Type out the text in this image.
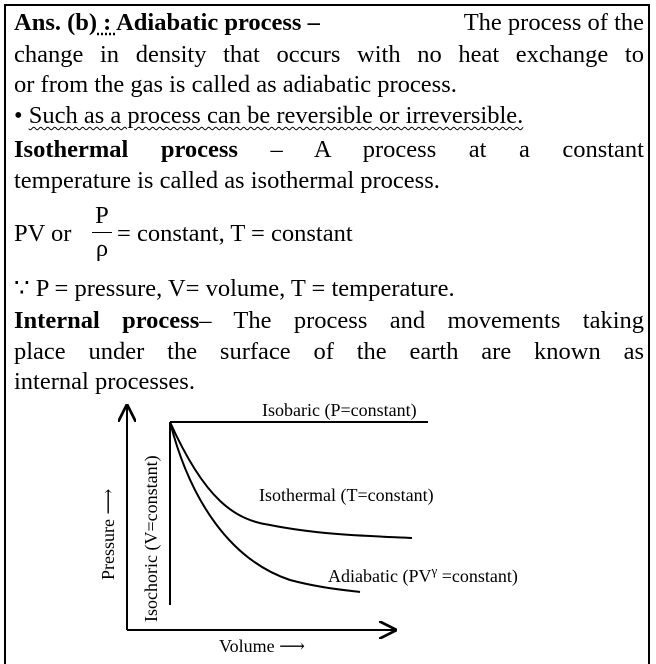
Ans. (b) : Adiabatic process –	The process of the
change in density that occurs with no heat exchange to
or from the gas is called as adiabatic process.
• Such as a process can be reversible or irreversible.
Isothermal process – A process at a constant
temperature is called as isothermal process.
PV or
P
ρ
= constant, T = constant
∵ P = pressure, V= volume, T = temperature.
Internal process– The process and movements taking
place under the surface of the earth are known as
internal processes.
Isobaric (P=constant)
Isothermal (T=constant)
Adiabatic ($PV^\gamma$ =constant)
Volume ⟶
Pressure ⟶ Isochoric (V=constant)
